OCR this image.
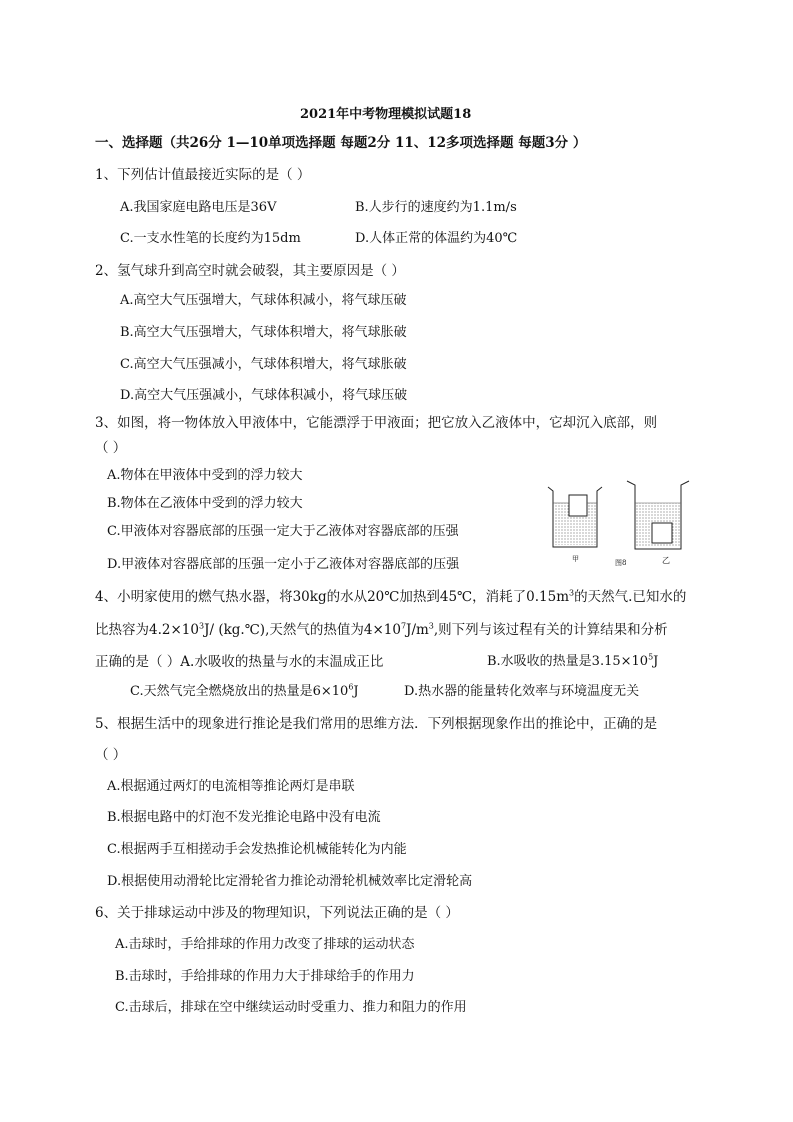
2021年中考物理模拟试题18
一、选择题（共26分 1—10单项选择题 每题2分 11、12多项选择题 每题3分 ）
1、下列估计值最接近实际的是（ ）
A.我国家庭电路电压是36V	B.人步行的速度约为1.1m/s
C.一支水性笔的长度约为15dm	D.人体正常的体温约为40℃
2、氢气球升到高空时就会破裂，其主要原因是（ ）
A.高空大气压强增大，气球体积减小，将气球压破
B.高空大气压强增大，气球体积增大，将气球胀破
C.高空大气压强减小，气球体积增大，将气球胀破
D.高空大气压强减小，气球体积减小，将气球压破
3、如图，将一物体放入甲液体中，它能漂浮于甲液面；把它放入乙液体中，它却沉入底部，则
（ ）
A.物体在甲液体中受到的浮力较大
B.物体在乙液体中受到的浮力较大
C.甲液体对容器底部的压强一定大于乙液体对容器底部的压强
D.甲液体对容器底部的压强一定小于乙液体对容器底部的压强	甲	图8	乙
4、小明家使用的燃气热水器，将30kg的水从20℃加热到45℃，消耗了$0.15m^3$的天然气.已知水的
比热容为$4.2\times 10^3J/$ (kg.℃),天然气的热值为$4\times 10^7J/m^3$,则下列与该过程有关的计算结果和分析
正确的是（ ）A.水吸收的热量与水的末温成正比	B.水吸收的热量是$3.15\times 10^5J$
C.天然气完全燃烧放出的热量是$6\times 10^6J$	D.热水器的能量转化效率与环境温度无关
5、根据生活中的现象进行推论是我们常用的思维方法．下列根据现象作出的推论中，正确的是
（ ）
A.根据通过两灯的电流相等推论两灯是串联
B.根据电路中的灯泡不发光推论电路中没有电流
C.根据两手互相搓动手会发热推论机械能转化为内能
D.根据使用动滑轮比定滑轮省力推论动滑轮机械效率比定滑轮高
6、关于排球运动中涉及的物理知识，下列说法正确的是（ ）
A.击球时，手给排球的作用力改变了排球的运动状态
B.击球时，手给排球的作用力大于排球给手的作用力
C.击球后，排球在空中继续运动时受重力、推力和阻力的作用
